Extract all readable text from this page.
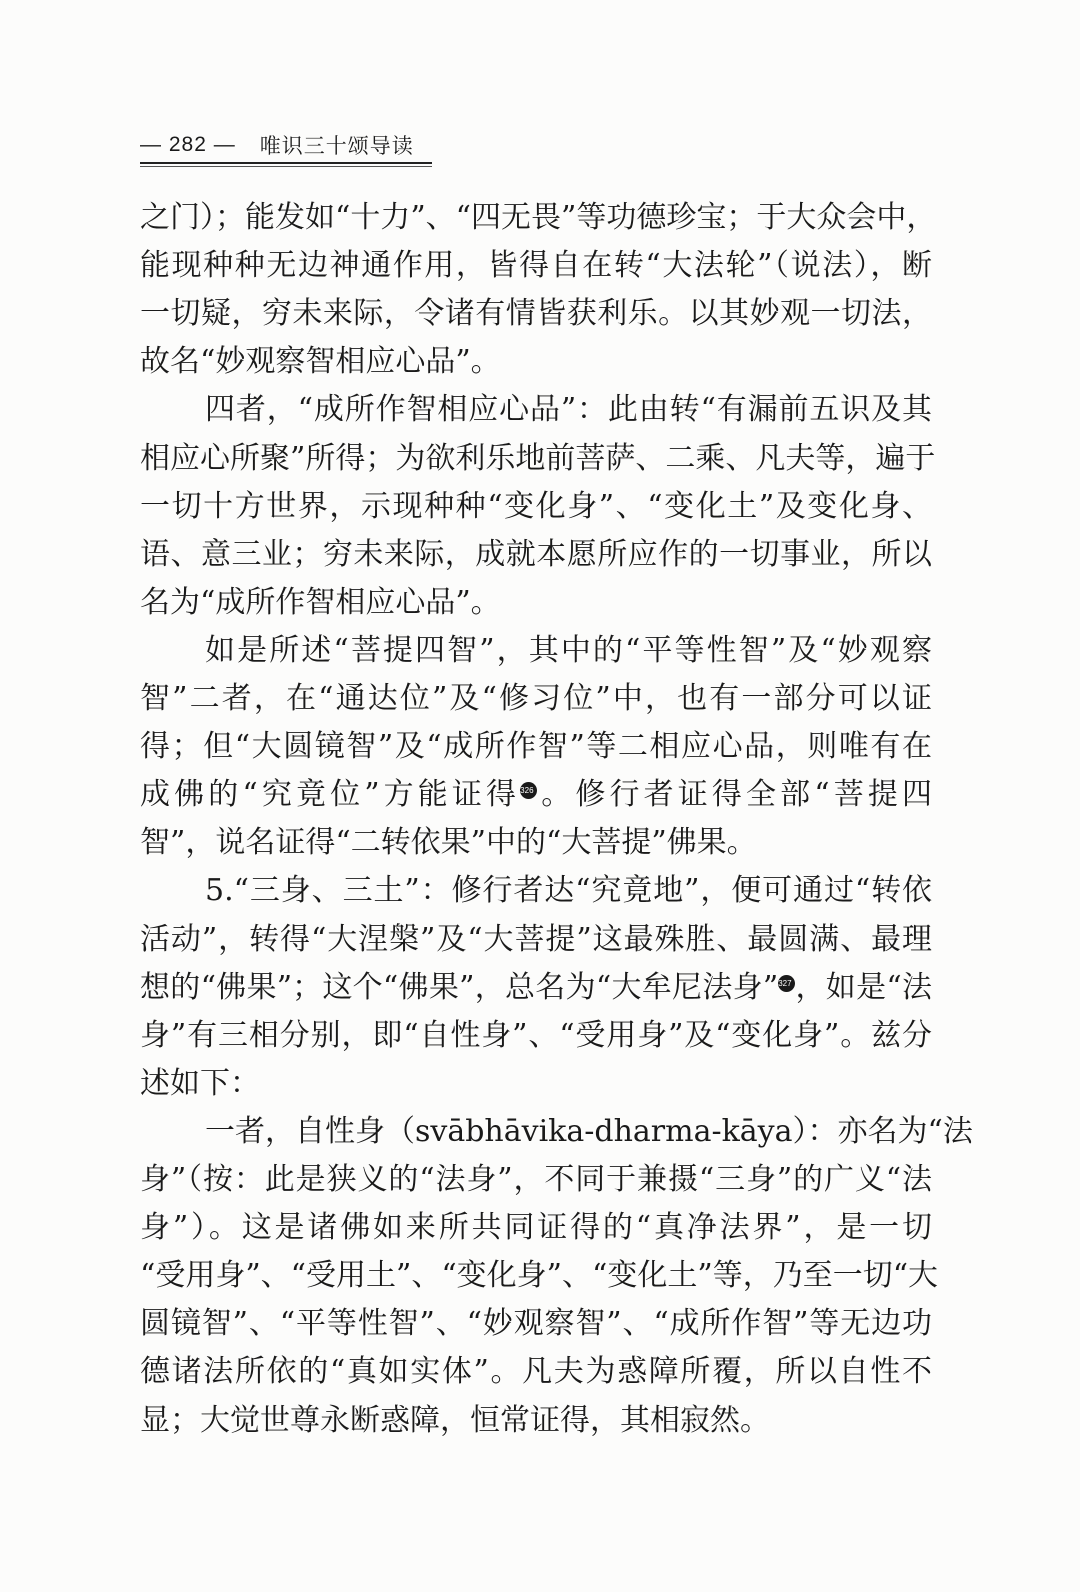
— 282 — 唯识三十颂导读
之门）；能发如“十力”、“四无畏”等功德珍宝；于大众会中，
能现种种无边神通作用，皆得自在转“大法轮”（说法），断
一切疑，穷未来际，令诸有情皆获利乐。以其妙观一切法，
故名“妙观察智相应心品”。
四者，“成所作智相应心品”：此由转“有漏前五识及其
相应心所聚”所得；为欲利乐地前菩萨、二乘、凡夫等，遍于
一切十方世界，示现种种“变化身”、“变化土”及变化身、
语、意三业；穷未来际，成就本愿所应作的一切事业，所以
名为“成所作智相应心品”。
如是所述“菩提四智”，其中的“平等性智”及“妙观察
智”二者，在“通达位”及“修习位”中，也有一部分可以证
得；但“大圆镜智”及“成所作智”等二相应心品，则唯有在
成佛的“究竟位”方能证得326 。修行者证得全部“菩提四
智”，说名证得“二转依果”中的“大菩提”佛果。
5.“三身、三土”：修行者达“究竟地”，便可通过“转依
活动”，转得“大涅槃”及“大菩提”这最殊胜、最圆满、最理
想的“佛果”；这个“佛果”，总名为“大牟尼法身”327 ，如是“法
身”有三相分别，即“自性身”、“受用身”及“变化身”。兹分
述如下：
一者，自性身（svābhāvika-dharma-kāya）：亦名为“法
身”（按：此是狭义的“法身”，不同于兼摄“三身”的广义“法
身”）。这是诸佛如来所共同证得的“真净法界”，是一切
“受用身”、“受用土”、“变化身”、“变化土”等，乃至一切“大
圆镜智”、“平等性智”、“妙观察智”、“成所作智”等无边功
德诸法所依的“真如实体”。凡夫为惑障所覆，所以自性不
显；大觉世尊永断惑障，恒常证得，其相寂然。
